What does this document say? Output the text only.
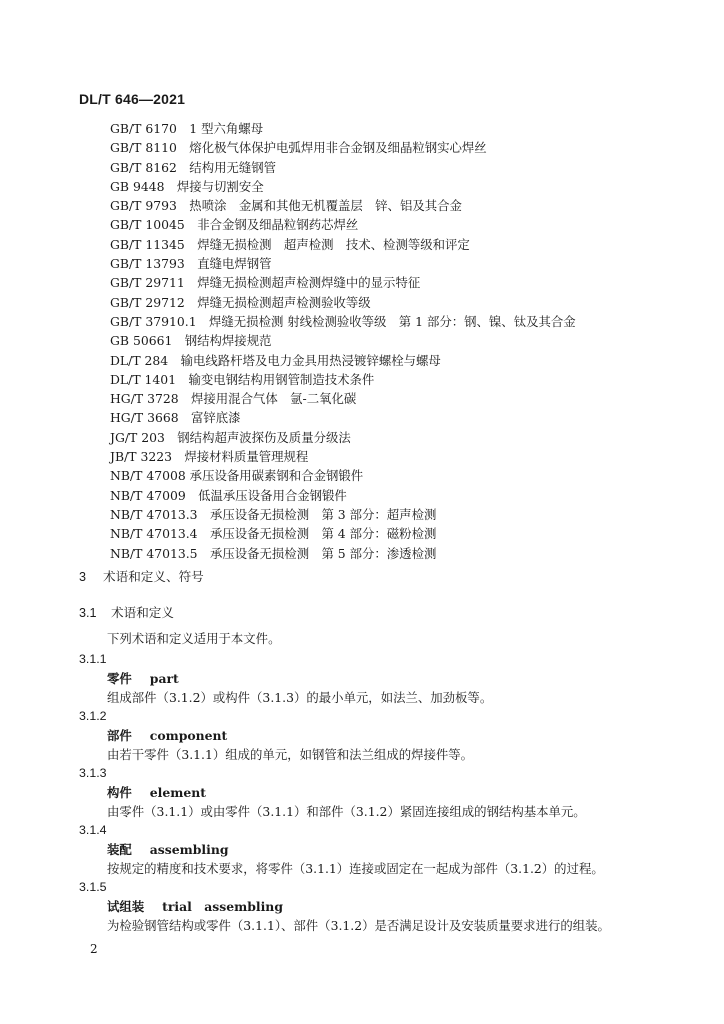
DL/T 646—2021
GB/T 6170　1 型六角螺母
GB/T 8110　熔化极气体保护电弧焊用非合金钢及细晶粒钢实心焊丝
GB/T 8162　结构用无缝钢管
GB 9448　焊接与切割安全
GB/T 9793　热喷涂　金属和其他无机覆盖层　锌、铝及其合金
GB/T 10045　非合金钢及细晶粒钢药芯焊丝
GB/T 11345　焊缝无损检测　超声检测　技术、检测等级和评定
GB/T 13793　直缝电焊钢管
GB/T 29711　焊缝无损检测超声检测焊缝中的显示特征
GB/T 29712　焊缝无损检测超声检测验收等级
GB/T 37910.1　焊缝无损检测 射线检测验收等级　第 1 部分：钢、镍、钛及其合金
GB 50661　钢结构焊接规范
DL/T 284　输电线路杆塔及电力金具用热浸镀锌螺栓与螺母
DL/T 1401　输变电钢结构用钢管制造技术条件
HG/T 3728　焊接用混合气体　氩-二氧化碳
HG/T 3668　富锌底漆
JG/T 203　钢结构超声波探伤及质量分级法
JB/T 3223　焊接材料质量管理规程
NB/T 47008 承压设备用碳素钢和合金钢锻件
NB/T 47009　低温承压设备用合金钢锻件
NB/T 47013.3　承压设备无损检测　第 3 部分：超声检测
NB/T 47013.4　承压设备无损检测　第 4 部分：磁粉检测
NB/T 47013.5　承压设备无损检测　第 5 部分：渗透检测
3 术语和定义、符号
3.1 术语和定义
下列术语和定义适用于本文件。
3.1.1
零件 part
组成部件（3.1.2）或构件（3.1.3）的最小单元，如法兰、加劲板等。
3.1.2
部件 component
由若干零件（3.1.1）组成的单元，如钢管和法兰组成的焊接件等。
3.1.3
构件 element
由零件（3.1.1）或由零件（3.1.1）和部件（3.1.2）紧固连接组成的钢结构基本单元。
3.1.4
装配 assembling
按规定的精度和技术要求，将零件（3.1.1）连接或固定在一起成为部件（3.1.2）的过程。
3.1.5
试组装 trial　assembling
为检验钢管结构或零件（3.1.1）、部件（3.1.2）是否满足设计及安装质量要求进行的组装。
2
